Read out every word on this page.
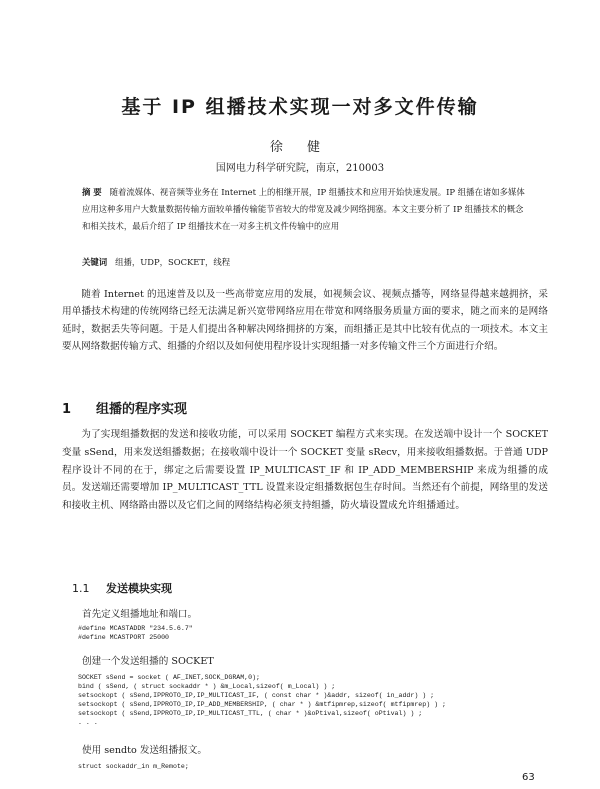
基于 IP 组播技术实现一对多文件传输

徐 健

国网电力科学研究院，南京，210003

摘 要 随着流媒体、视音频等业务在 Internet 上的相继开展，IP 组播技术和应用开始快速发展。IP 组播在诸如多媒体应用这种多用户大数量数据传输方面较单播传输能节省较大的带宽及减少网络拥塞。本文主要分析了 IP 组播技术的概念和相关技术，最后介绍了 IP 组播技术在一对多主机文件传输中的应用

关键词 组播，UDP，SOCKET，线程

随着 Internet 的迅速普及以及一些高带宽应用的发展，如视频会议、视频点播等，网络显得越来越拥挤，采用单播技术构建的传统网络已经无法满足新兴宽带网络应用在带宽和网络服务质量方面的要求，随之而来的是网络延时，数据丢失等问题。于是人们提出各种解决网络拥挤的方案，而组播正是其中比较有优点的一项技术。本文主要从网络数据传输方式、组播的介绍以及如何使用程序设计实现组播一对多传输文件三个方面进行介绍。

1 组播的程序实现

为了实现组播数据的发送和接收功能，可以采用 SOCKET 编程方式来实现。在发送端中设计一个 SOCKET 变量 sSend，用来发送组播数据；在接收端中设计一个 SOCKET 变量 sRecv，用来接收组播数据。于普通 UDP 程序设计不同的在于，绑定之后需要设置 IP_MULTICAST_IF 和 IP_ADD_MEMBERSHIP 来成为组播的成员。发送端还需要增加 IP_MULTICAST_TTL 设置来设定组播数据包生存时间。当然还有个前提，网络里的发送和接收主机、网络路由器以及它们之间的网络结构必须支持组播，防火墙设置成允许组播通过。

1.1 发送模块实现

首先定义组播地址和端口。

#define MCASTADDR "234.5.6.7"
#define MCASTPORT 25000

创建一个发送组播的 SOCKET

SOCKET sSend = socket ( AF_INET,SOCK_DGRAM,0);
bind ( sSend, ( struct sockaddr * ) &m_Local,sizeof( m_Local) ) ;
setsockopt ( sSend,IPPROTO_IP,IP_MULTICAST_IF, ( const char * )&addr, sizeof( in_addr) ) ;
setsockopt ( sSend,IPPROTO_IP,IP_ADD_MEMBERSHIP, ( char * ) &mtfipmrep,sizeof( mtfipmrep) ) ;
setsockopt ( sSend,IPPROTO_IP,IP_MULTICAST_TTL, ( char * )&oPtival,sizeof( oPtival) ) ;
. . .

使用 sendto 发送组播报文。

struct sockaddr_in m_Remote;

63
